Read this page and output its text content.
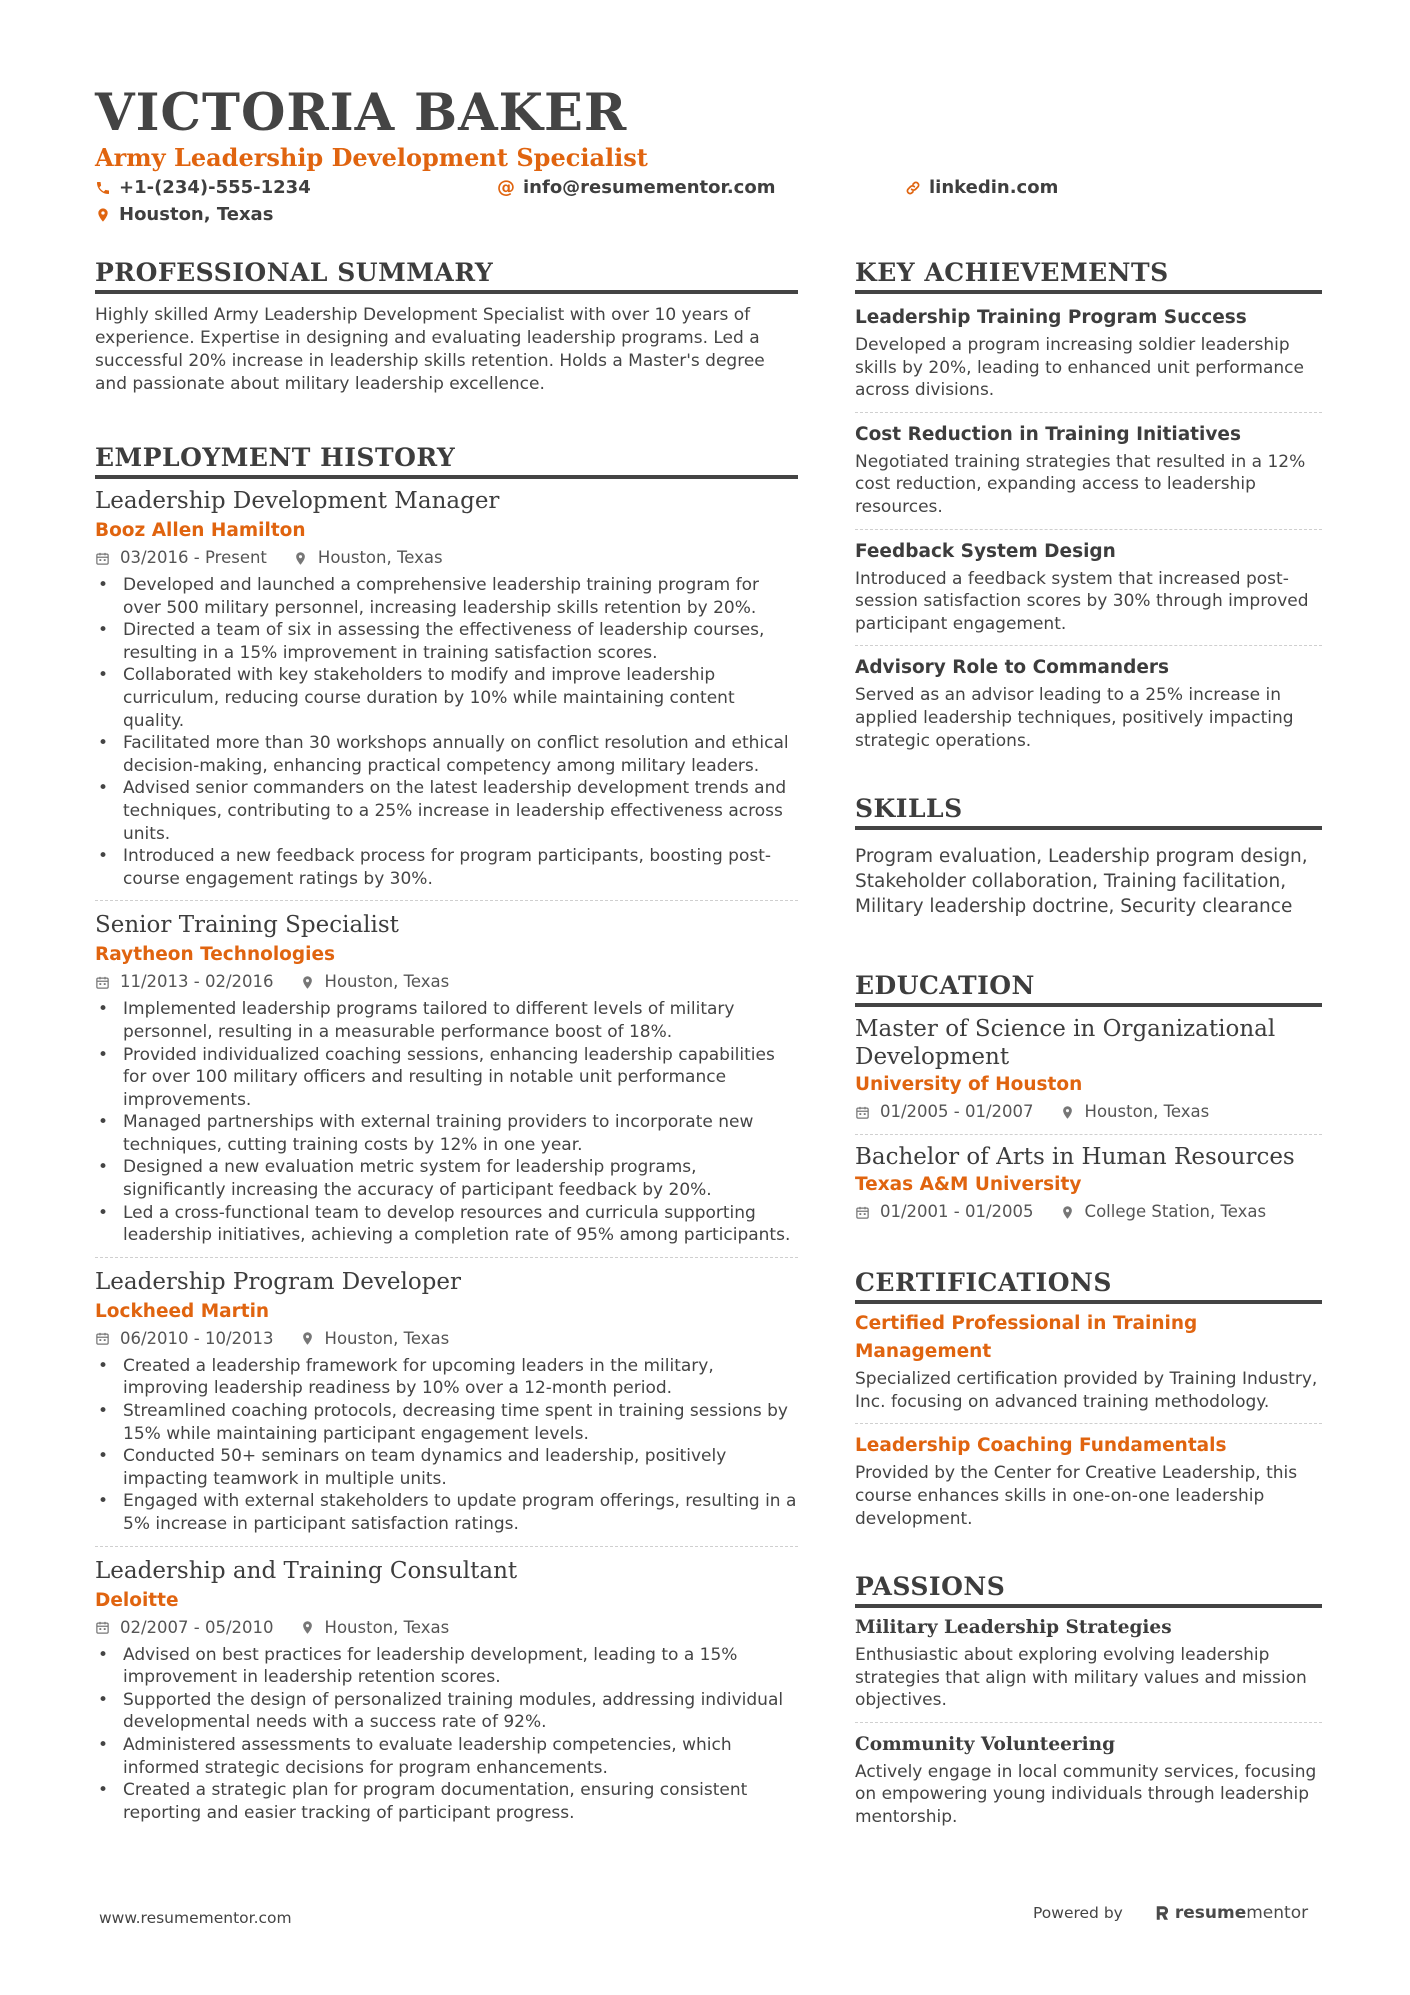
VICTORIA BAKER
Army Leadership Development Specialist
+1-(234)-555-1234	@ info@resumementor.com	linkedin.com
Houston, Texas
PROFESSIONAL SUMMARY
Highly skilled Army Leadership Development Specialist with over 10 years of experience. Expertise in designing and evaluating leadership programs. Led a successful 20% increase in leadership skills retention. Holds a Master's degree and passionate about military leadership excellence.
EMPLOYMENT HISTORY
Leadership Development Manager
Booz Allen Hamilton
03/2016 - Present	Houston, Texas
• Developed and launched a comprehensive leadership training program for over 500 military personnel, increasing leadership skills retention by 20%.
• Directed a team of six in assessing the effectiveness of leadership courses, resulting in a 15% improvement in training satisfaction scores.
• Collaborated with key stakeholders to modify and improve leadership curriculum, reducing course duration by 10% while maintaining content quality.
• Facilitated more than 30 workshops annually on conflict resolution and ethical decision-making, enhancing practical competency among military leaders.
• Advised senior commanders on the latest leadership development trends and techniques, contributing to a 25% increase in leadership effectiveness across units.
• Introduced a new feedback process for program participants, boosting post-course engagement ratings by 30%.
Senior Training Specialist
Raytheon Technologies
11/2013 - 02/2016	Houston, Texas
• Implemented leadership programs tailored to different levels of military personnel, resulting in a measurable performance boost of 18%.
• Provided individualized coaching sessions, enhancing leadership capabilities for over 100 military officers and resulting in notable unit performance improvements.
• Managed partnerships with external training providers to incorporate new techniques, cutting training costs by 12% in one year.
• Designed a new evaluation metric system for leadership programs, significantly increasing the accuracy of participant feedback by 20%.
• Led a cross-functional team to develop resources and curricula supporting leadership initiatives, achieving a completion rate of 95% among participants.
Leadership Program Developer
Lockheed Martin
06/2010 - 10/2013	Houston, Texas
• Created a leadership framework for upcoming leaders in the military, improving leadership readiness by 10% over a 12-month period.
• Streamlined coaching protocols, decreasing time spent in training sessions by 15% while maintaining participant engagement levels.
• Conducted 50+ seminars on team dynamics and leadership, positively impacting teamwork in multiple units.
• Engaged with external stakeholders to update program offerings, resulting in a 5% increase in participant satisfaction ratings.
Leadership and Training Consultant
Deloitte
02/2007 - 05/2010	Houston, Texas
• Advised on best practices for leadership development, leading to a 15% improvement in leadership retention scores.
• Supported the design of personalized training modules, addressing individual developmental needs with a success rate of 92%.
• Administered assessments to evaluate leadership competencies, which informed strategic decisions for program enhancements.
• Created a strategic plan for program documentation, ensuring consistent reporting and easier tracking of participant progress.
KEY ACHIEVEMENTS
Leadership Training Program Success
Developed a program increasing soldier leadership skills by 20%, leading to enhanced unit performance across divisions.
Cost Reduction in Training Initiatives
Negotiated training strategies that resulted in a 12% cost reduction, expanding access to leadership resources.
Feedback System Design
Introduced a feedback system that increased post-session satisfaction scores by 30% through improved participant engagement.
Advisory Role to Commanders
Served as an advisor leading to a 25% increase in applied leadership techniques, positively impacting strategic operations.
SKILLS
Program evaluation, Leadership program design, Stakeholder collaboration, Training facilitation, Military leadership doctrine, Security clearance
EDUCATION
Master of Science in Organizational Development
University of Houston
01/2005 - 01/2007	Houston, Texas
Bachelor of Arts in Human Resources
Texas A&M University
01/2001 - 01/2005	College Station, Texas
CERTIFICATIONS
Certified Professional in Training Management
Specialized certification provided by Training Industry, Inc. focusing on advanced training methodology.
Leadership Coaching Fundamentals
Provided by the Center for Creative Leadership, this course enhances skills in one-on-one leadership development.
PASSIONS
Military Leadership Strategies
Enthusiastic about exploring evolving leadership strategies that align with military values and mission objectives.
Community Volunteering
Actively engage in local community services, focusing on empowering young individuals through leadership mentorship.
www.resumementor.com	Powered by	resume mentor
